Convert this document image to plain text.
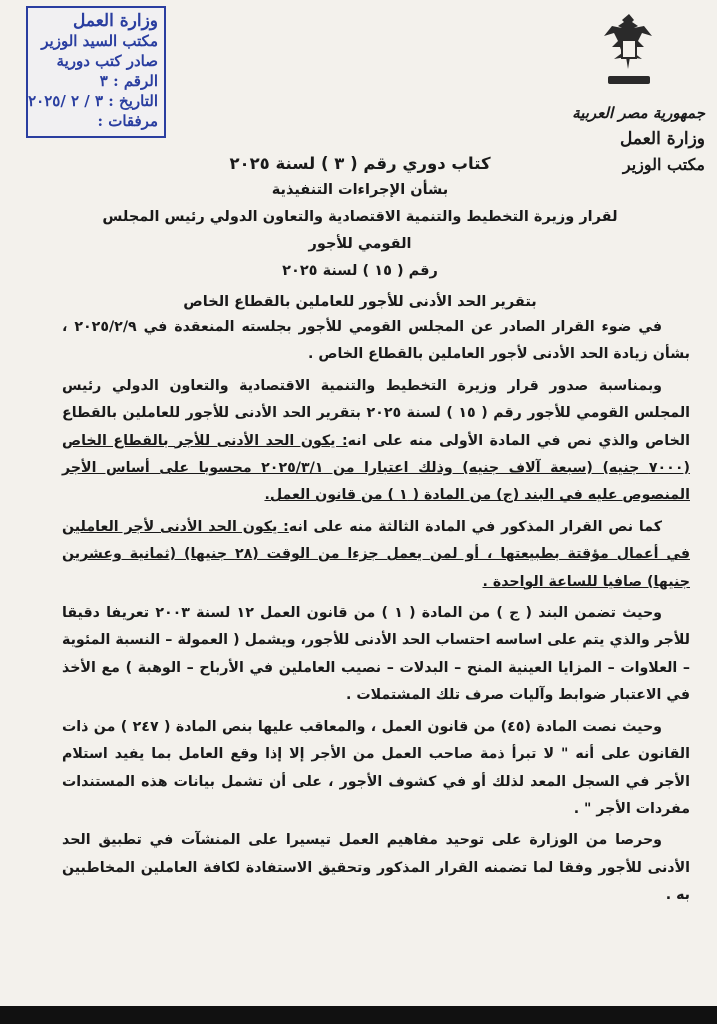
وزارة العمل
مكتب السيد الوزير
صادر كتب دورية
الرقم : ٣
التاريخ : ٣ / ٢ /٢٠٢٥
مرفقات :	جمهورية مصر العربية
وزارة العمل
مكتب الوزير
كتاب دوري رقم ( ٣ ) لسنة ٢٠٢٥
بشأن الإجراءات التنفيذية
لقرار وزيرة التخطيط والتنمية الاقتصادية والتعاون الدولي رئيس المجلس القومي للأجور
رقم ( ١٥ ) لسنة ٢٠٢٥
بتقرير الحد الأدنى للأجور للعاملين بالقطاع الخاص

في ضوء القرار الصادر عن المجلس القومي للأجور بجلسته المنعقدة في ٢٠٢٥/٢/٩ ، بشأن زيادة الحد الأدنى لأجور العاملين بالقطاع الخاص .

وبمناسبة صدور قرار وزيرة التخطيط والتنمية الاقتصادية والتعاون الدولي رئيس المجلس القومي للأجور رقم ( ١٥ ) لسنة ٢٠٢٥ بتقرير الحد الأدنى للأجور للعاملين بالقطاع الخاص والذي نص في المادة الأولى منه على انه: يكون الحد الأدنى للأجر بالقطاع الخاص (٧٠٠٠ جنيه) (سبعة آلاف جنيه) وذلك اعتبارا من ٢٠٢٥/٣/١ محسوبا على أساس الأجر المنصوص عليه في البند (ج) من المادة ( ١ ) من قانون العمل.

كما نص القرار المذكور في المادة الثالثة منه على انه: يكون الحد الأدنى لأجر العاملين في أعمال مؤقتة بطبيعتها ، أو لمن يعمل جزءا من الوقت (٢٨ جنيها) (ثمانية وعشرين جنيها) صافيا للساعة الواحدة .

وحيث تضمن البند ( ج ) من المادة ( ١ ) من قانون العمل ١٢ لسنة ٢٠٠٣ تعريفا دقيقا للأجر والذي يتم على اساسه احتساب الحد الأدنى للأجور، ويشمل ( العمولة – النسبة المئوية – العلاوات – المزايا العينية المنح – البدلات – نصيب العاملين في الأرباح – الوهبة ) مع الأخذ في الاعتبار ضوابط وآليات صرف تلك المشتملات .

وحيث نصت المادة (٤٥) من قانون العمل ، والمعاقب عليها بنص المادة ( ٢٤٧ ) من ذات القانون على أنه " لا تبرأ ذمة صاحب العمل من الأجر إلا إذا وقع العامل بما يفيد استلام الأجر في السجل المعد لذلك أو في كشوف الأجور ، على أن تشمل بيانات هذه المستندات مفردات الأجر " .

وحرصا من الوزارة على توحيد مفاهيم العمل تيسيرا على المنشآت في تطبيق الحد الأدنى للأجور وفقا لما تضمنه القرار المذكور وتحقيق الاستفادة لكافة العاملين المخاطبين به .
